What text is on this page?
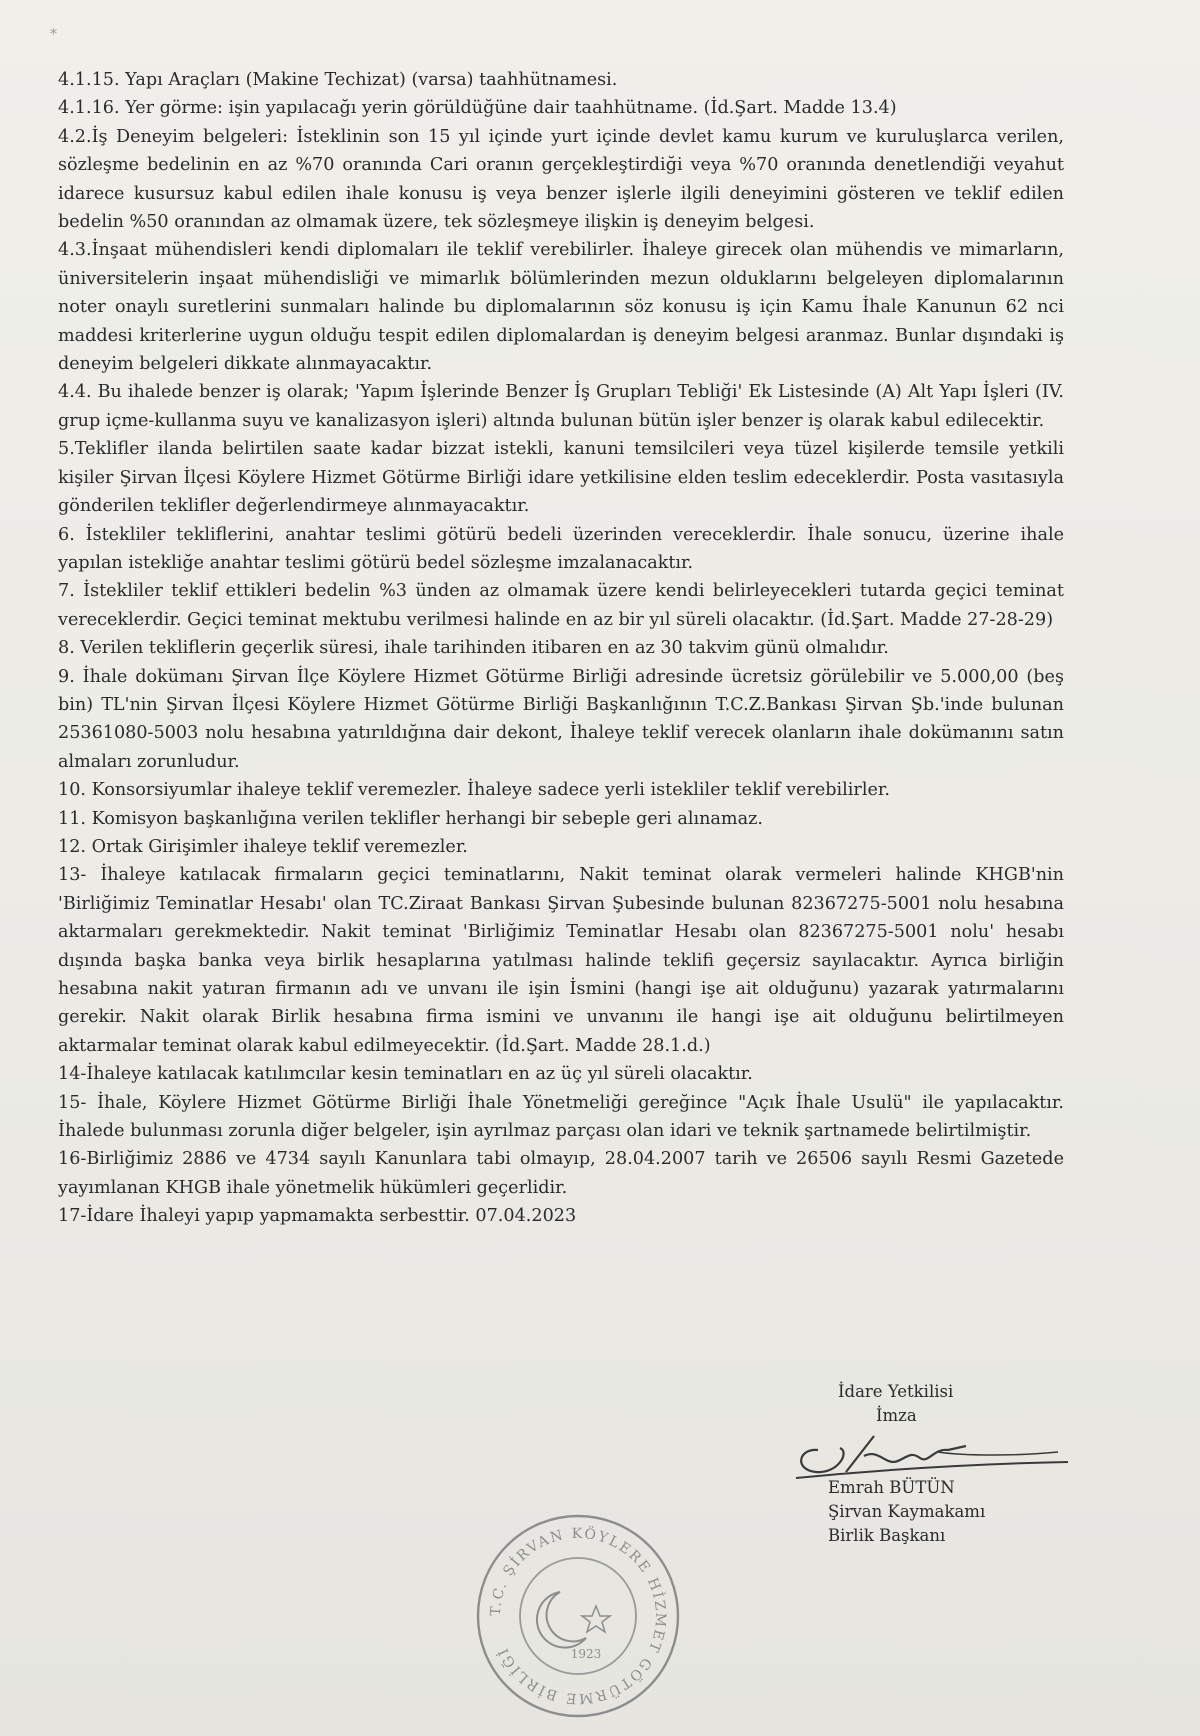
⁎

4.1.15. Yapı Araçları (Makine Techizat) (varsa) taahhütnamesi.

4.1.16. Yer görme: işin yapılacağı yerin görüldüğüne dair taahhütname. (İd.Şart. Madde 13.4)

4.2.İş Deneyim belgeleri: İsteklinin son 15 yıl içinde yurt içinde devlet kamu kurum ve kuruluşlarca verilen, sözleşme bedelinin en az %70 oranında Cari oranın gerçekleştirdiği veya %70 oranında denetlendiği veyahut idarece kusursuz kabul edilen ihale konusu iş veya benzer işlerle ilgili deneyimini gösteren ve teklif edilen bedelin %50 oranından az olmamak üzere, tek sözleşmeye ilişkin iş deneyim belgesi.

4.3.İnşaat mühendisleri kendi diplomaları ile teklif verebilirler. İhaleye girecek olan mühendis ve mimarların, üniversitelerin inşaat mühendisliği ve mimarlık bölümlerinden mezun olduklarını belgeleyen diplomalarının noter onaylı suretlerini sunmaları halinde bu diplomalarının söz konusu iş için Kamu İhale Kanunun 62 nci maddesi kriterlerine uygun olduğu tespit edilen diplomalardan iş deneyim belgesi aranmaz. Bunlar dışındaki iş deneyim belgeleri dikkate alınmayacaktır.

4.4. Bu ihalede benzer iş olarak; 'Yapım İşlerinde Benzer İş Grupları Tebliği' Ek Listesinde (A) Alt Yapı İşleri (IV. grup içme-kullanma suyu ve kanalizasyon işleri) altında bulunan bütün işler benzer iş olarak kabul edilecektir.

5.Teklifler ilanda belirtilen saate kadar bizzat istekli, kanuni temsilcileri veya tüzel kişilerde temsile yetkili kişiler Şirvan İlçesi Köylere Hizmet Götürme Birliği idare yetkilisine elden teslim edeceklerdir. Posta vasıtasıyla gönderilen teklifler değerlendirmeye alınmayacaktır.

6. İstekliler tekliflerini, anahtar teslimi götürü bedeli üzerinden vereceklerdir. İhale sonucu, üzerine ihale yapılan istekliğe anahtar teslimi götürü bedel sözleşme imzalanacaktır.

7. İstekliler teklif ettikleri bedelin %3 ünden az olmamak üzere kendi belirleyecekleri tutarda geçici teminat vereceklerdir. Geçici teminat mektubu verilmesi halinde en az bir yıl süreli olacaktır. (İd.Şart. Madde 27-28-29)

8. Verilen tekliflerin geçerlik süresi, ihale tarihinden itibaren en az 30 takvim günü olmalıdır.

9. İhale dokümanı Şirvan İlçe Köylere Hizmet Götürme Birliği adresinde ücretsiz görülebilir ve 5.000,00 (beş bin) TL'nin Şirvan İlçesi Köylere Hizmet Götürme Birliği Başkanlığının T.C.Z.Bankası Şirvan Şb.'inde bulunan 25361080-5003 nolu hesabına yatırıldığına dair dekont, İhaleye teklif verecek olanların ihale dokümanını satın almaları zorunludur.

10. Konsorsiyumlar ihaleye teklif veremezler. İhaleye sadece yerli istekliler teklif verebilirler.

11. Komisyon başkanlığına verilen teklifler herhangi bir sebeple geri alınamaz.

12. Ortak Girişimler ihaleye teklif veremezler.

13- İhaleye katılacak firmaların geçici teminatlarını, Nakit teminat olarak vermeleri halinde KHGB'nin 'Birliğimiz Teminatlar Hesabı' olan TC.Ziraat Bankası Şirvan Şubesinde bulunan 82367275-5001 nolu hesabına aktarmaları gerekmektedir. Nakit teminat 'Birliğimiz Teminatlar Hesabı olan 82367275-5001 nolu' hesabı dışında başka banka veya birlik hesaplarına yatılması halinde teklifi geçersiz sayılacaktır. Ayrıca birliğin hesabına nakit yatıran firmanın adı ve unvanı ile işin İsmini (hangi işe ait olduğunu) yazarak yatırmalarını gerekir. Nakit olarak Birlik hesabına firma ismini ve unvanını ile hangi işe ait olduğunu belirtilmeyen aktarmalar teminat olarak kabul edilmeyecektir. (İd.Şart. Madde 28.1.d.)

14-İhaleye katılacak katılımcılar kesin teminatları en az üç yıl süreli olacaktır.

15- İhale, Köylere Hizmet Götürme Birliği İhale Yönetmeliği gereğince "Açık İhale Usulü" ile yapılacaktır. İhalede bulunması zorunla diğer belgeler, işin ayrılmaz parçası olan idari ve teknik şartnamede belirtilmiştir.

16-Birliğimiz 2886 ve 4734 sayılı Kanunlara tabi olmayıp, 28.04.2007 tarih ve 26506 sayılı Resmi Gazetede yayımlanan KHGB ihale yönetmelik hükümleri geçerlidir.

17-İdare İhaleyi yapıp yapmamakta serbesttir. 07.04.2023

İdare Yetkilisi
İmza
Emrah BÜTÜN
Şirvan Kaymakamı
Birlik Başkanı
T.C. ŞİRVAN KÖYLERE HİZMET GÖTÜRME BİRLİĞİ	1923
